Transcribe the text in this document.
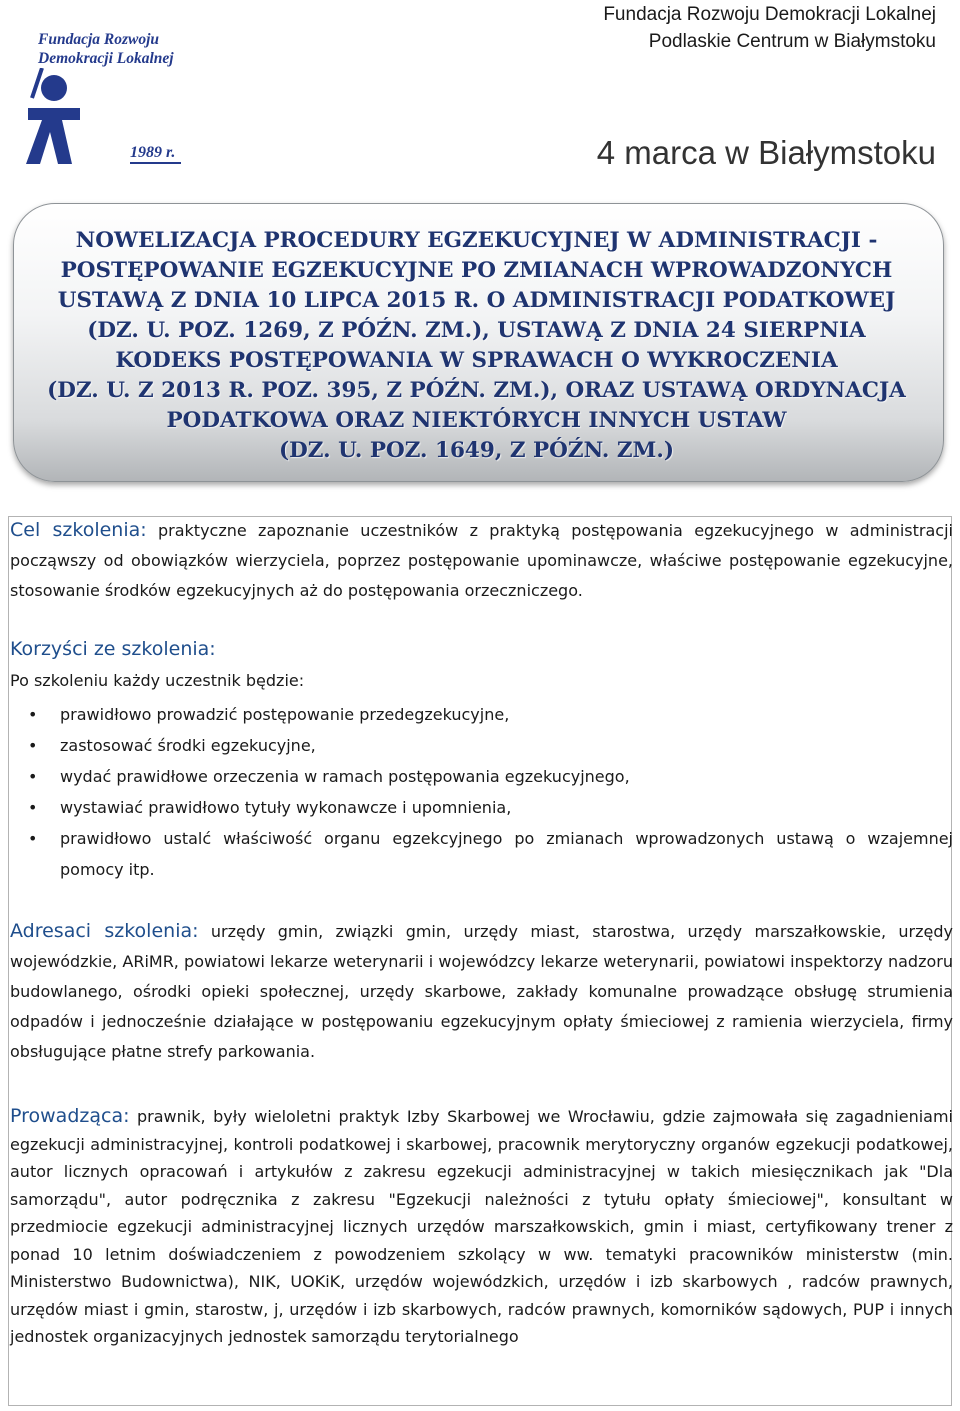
Fundacja Rozwoju
Demokracji Lokalnej
1989 r.
Fundacja Rozwoju Demokracji Lokalnej
Podlaskie Centrum w Białymstoku
4 marca w Białymstoku
NOWELIZACJA PROCEDURY EGZEKUCYJNEJ W ADMINISTRACJI -
POSTĘPOWANIE EGZEKUCYJNE PO ZMIANACH WPROWADZONYCH
USTAWĄ Z DNIA 10 LIPCA 2015 R. O ADMINISTRACJI PODATKOWEJ
(DZ. U. POZ. 1269, Z PÓŹN. ZM.), USTAWĄ Z DNIA 24 SIERPNIA
KODEKS POSTĘPOWANIA W SPRAWACH O WYKROCZENIA
(DZ. U. Z 2013 R. POZ. 395, Z PÓŹN. ZM.), ORAZ USTAWĄ ORDYNACJA
PODATKOWA ORAZ NIEKTÓRYCH INNYCH USTAW
(DZ. U. POZ. 1649, Z PÓŹN. ZM.)

Cel szkolenia: praktyczne zapoznanie uczestników z praktyką postępowania egzekucyjnego w administracji począwszy od obowiązków wierzyciela, poprzez postępowanie upominawcze, właściwe postępowanie egzekucyjne, stosowanie środków egzekucyjnych aż do postępowania orzeczniczego.

Korzyści ze szkolenia:
Po szkoleniu każdy uczestnik będzie:
• prawidłowo prowadzić postępowanie przedegzekucyjne,
• zastosować środki egzekucyjne,
• wydać prawidłowe orzeczenia w ramach postępowania egzekucyjnego,
• wystawiać prawidłowo tytuły wykonawcze i upomnienia,
• prawidłowo ustalć właściwość organu egzekcyjnego po zmianach wprowadzonych ustawą o wzajemnej pomocy itp.

Adresaci szkolenia: urzędy gmin, związki gmin, urzędy miast, starostwa, urzędy marszałkowskie, urzędy wojewódzkie, ARiMR, powiatowi lekarze weterynarii i wojewódzcy lekarze weterynarii, powiatowi inspektorzy nadzoru budowlanego, ośrodki opieki społecznej, urzędy skarbowe, zakłady komunalne prowadzące obsługę strumienia odpadów i jednocześnie działające w postępowaniu egzekucyjnym opłaty śmieciowej z ramienia wierzyciela, firmy obsługujące płatne strefy parkowania.

Prowadząca: prawnik, były wieloletni praktyk Izby Skarbowej we Wrocławiu, gdzie zajmowała się zagadnieniami egzekucji administracyjnej, kontroli podatkowej i skarbowej, pracownik merytoryczny organów egzekucji podatkowej, autor licznych opracowań i artykułów z zakresu egzekucji administracyjnej w takich miesięcznikach jak "Dla samorządu", autor podręcznika z zakresu "Egzekucji należności z tytułu opłaty śmieciowej", konsultant w przedmiocie egzekucji administracyjnej licznych urzędów marszałkowskich, gmin i miast, certyfikowany trener z ponad 10 letnim doświadczeniem z powodzeniem szkolący w ww. tematyki pracowników ministerstw (min. Ministerstwo Budownictwa), NIK, UOKiK, urzędów wojewódzkich, urzędów i izb skarbowych , radców prawnych, urzędów miast i gmin, starostw, j, urzędów i izb skarbowych, radców prawnych, komorników sądowych, PUP i innych jednostek organizacyjnych jednostek samorządu terytorialnego
